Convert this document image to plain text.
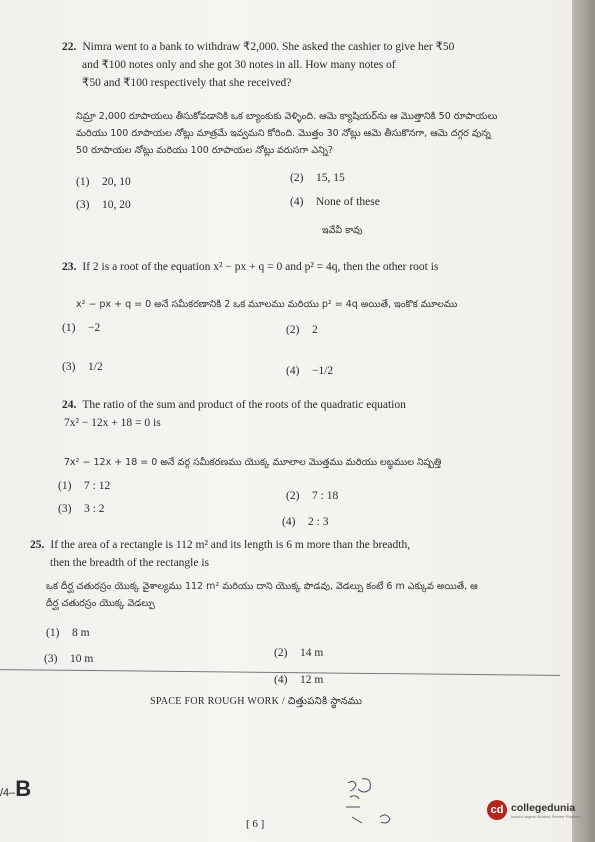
22. Nimra went to a bank to withdraw ₹2,000. She asked the cashier to give her ₹50
and ₹100 notes only and she got 30 notes in all. How many notes of
₹50 and ₹100 respectively that she received?
నిమ్రా 2,000 రూపాయలు తీసుకోవడానికి ఒక బ్యాంకుకు వెళ్ళింది. ఆమె క్యాషియర్‌ను ఆ మొత్తానికి 50 రూపాయలు
మరియు 100 రూపాయల నోట్లు మాత్రమే ఇవ్వమని కోరింది. మొత్తం 30 నోట్లు ఆమె తీసుకొనగా, ఆమె దగ్గర వున్న
50 రూపాయల నోట్లు మరియు 100 రూపాయల నోట్లు వరుసగా ఎన్ని?
(1) 20, 10	(2) 15, 15
(3) 10, 20	(4) None of these
ఇవేవీ కావు
23. If 2 is a root of the equation x² − px + q = 0 and p² = 4q, then the other root is
x² − px + q = 0 అనే సమీకరణానికి 2 ఒక మూలము మరియు p² = 4q అయితే, ఇంకొక మూలము
(1) −2	(2) 2
(3) 1/2	(4) −1/2
24. The ratio of the sum and product of the roots of the quadratic equation
7x² − 12x + 18 = 0 is
7x² − 12x + 18 = 0 అనే వర్గ సమీకరణము యొక్క మూలాల మొత్తము మరియు లబ్ధముల నిష్పత్తి
(1) 7 : 12
(2) 7 : 18
(3) 3 : 2
(4) 2 : 3
25. If the area of a rectangle is 112 m² and its length is 6 m more than the breadth,
then the breadth of the rectangle is
ఒక దీర్ఘ చతురస్రం యొక్క వైశాల్యము 112 m² మరియు దాని యొక్క పొడవు, వెడల్పు కంటే 6 m ఎక్కువ అయితే, ఆ
దీర్ఘ చతురస్రం యొక్క వెడల్పు
(1) 8 m
(2) 14 m
(3) 10 m
(4) 12 m
SPACE FOR ROUGH WORK / చిత్తుపనికి స్థానము
/4–B
[ 6 ]
cd collegedunia
India's largest Student Review Platform
